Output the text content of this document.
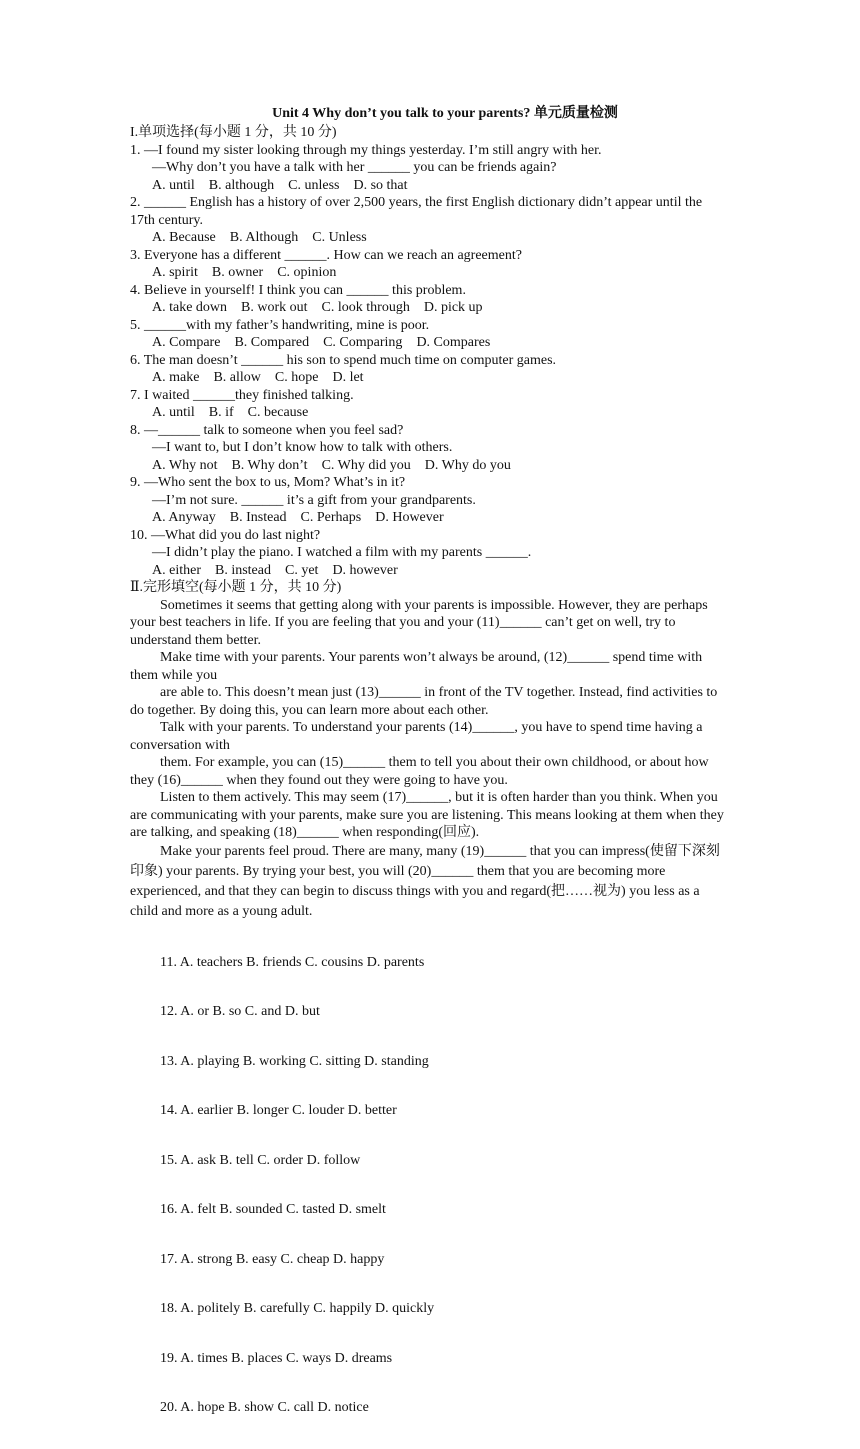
Unit 4 Why don’t you talk to your parents? 单元质量检测
I.单项选择(每小题 1 分，共 10 分)
1. —I found my sister looking through my things yesterday. I’m still angry with her.
—Why don’t you have a talk with her ______ you can be friends again?
A. until B. although C. unless D. so that
2. ______ English has a history of over 2,500 years, the first English dictionary didn’t appear until the 17th century.
A. Because B. Although C. Unless
3. Everyone has a different ______. How can we reach an agreement?
A. spirit B. owner C. opinion
4. Believe in yourself! I think you can ______ this problem.
A. take down B. work out C. look through D. pick up
5. ______with my father’s handwriting, mine is poor.
A. Compare B. Compared C. Comparing D. Compares
6. The man doesn’t ______ his son to spend much time on computer games.
A. make B. allow C. hope D. let
7. I waited ______they finished talking.
A. until B. if C. because
8. —______ talk to someone when you feel sad?
—I want to, but I don’t know how to talk with others.
A. Why not B. Why don’t C. Why did you D. Why do you
9. —Who sent the box to us, Mom? What’s in it?
—I’m not sure. ______ it’s a gift from your grandparents.
A. Anyway B. Instead C. Perhaps D. However
10. —What did you do last night?
—I didn’t play the piano. I watched a film with my parents ______.
A. either B. instead C. yet D. however
Ⅱ.完形填空(每小题 1 分，共 10 分)
Sometimes it seems that getting along with your parents is impossible. However, they are perhaps your best teachers in life. If you are feeling that you and your (11)______ can’t get on well, try to understand them better.
Make time with your parents. Your parents won’t always be around, (12)______ spend time with them while you
are able to. This doesn’t mean just (13)______ in front of the TV together. Instead, find activities to do together. By doing this, you can learn more about each other.
Talk with your parents. To understand your parents (14)______, you have to spend time having a conversation with
them. For example, you can (15)______ them to tell you about their own childhood, or about how they (16)______ when they found out they were going to have you.
Listen to them actively. This may seem (17)______, but it is often harder than you think. When you are communicating with your parents, make sure you are listening. This means looking at them when they are talking, and speaking (18)______ when responding(回应).
Make your parents feel proud. There are many, many (19)______ that you can impress(使留下深刻印象) your parents. By trying your best, you will (20)______ them that you are becoming more experienced, and that they can begin to discuss things with you and regard(把……视为) you less as a child and more as a young adult.

11. A. teachers B. friends C. cousins D. parents

12. A. or B. so C. and D. but

13. A. playing B. working C. sitting D. standing

14. A. earlier B. longer C. louder D. better

15. A. ask B. tell C. order D. follow

16. A. felt B. sounded C. tasted D. smelt

17. A. strong B. easy C. cheap D. happy

18. A. politely B. carefully C. happily D. quickly

19. A. times B. places C. ways D. dreams

20. A. hope B. show C. call D. notice
